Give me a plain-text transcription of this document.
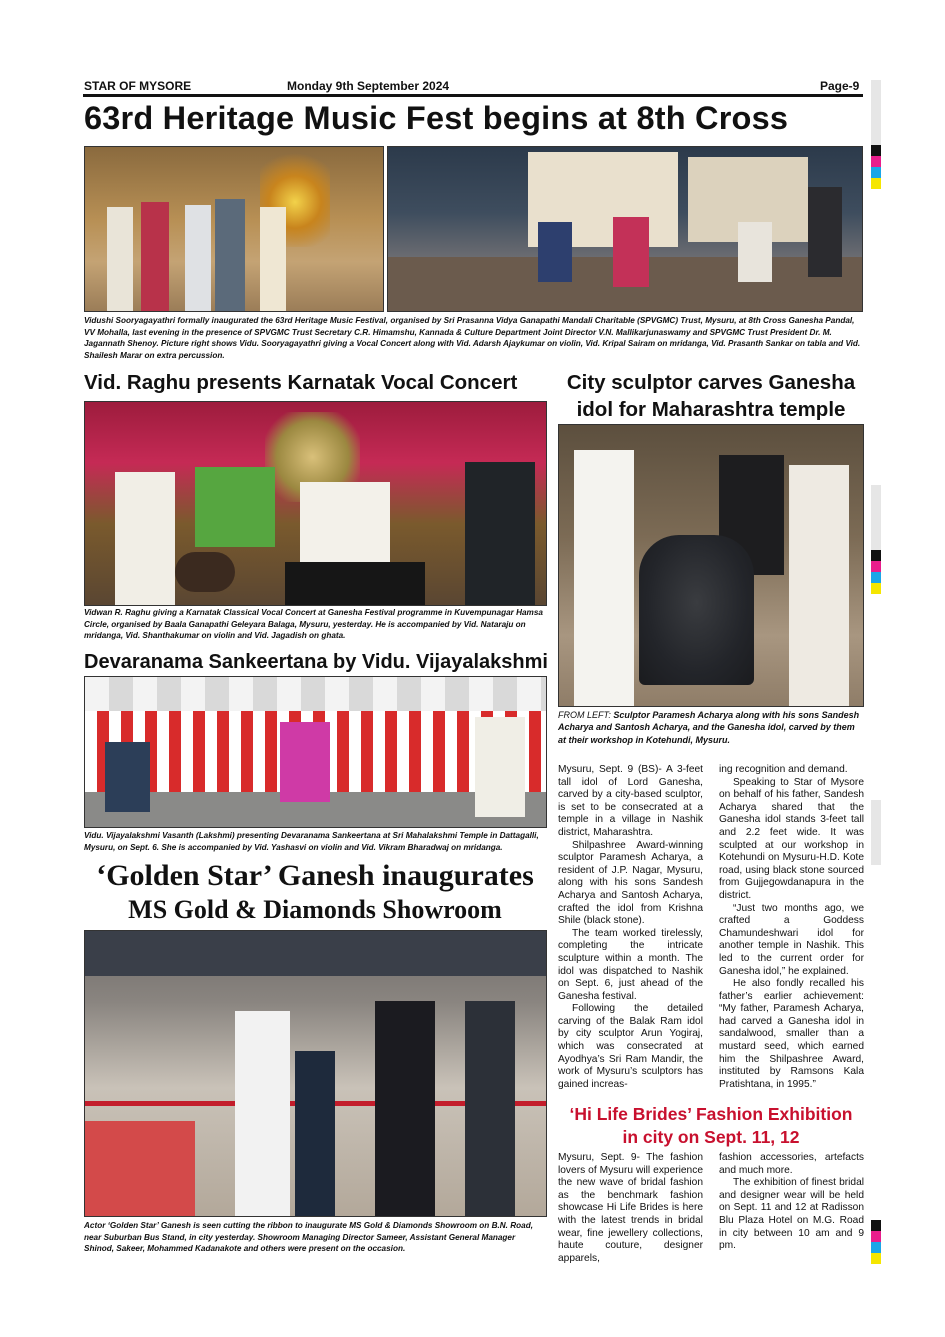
STAR OF MYSORE	Monday 9th September 2024	Page-9
63rd Heritage Music Fest begins at 8th Cross
Vidushi Sooryagayathri formally inaugurated the 63rd Heritage Music Festival, organised by Sri Prasanna Vidya Ganapathi Mandali Charitable (SPVGMC) Trust, Mysuru, at 8th Cross Ganesha Pandal, VV Mohalla, last evening in the presence of SPVGMC Trust Secretary C.R. Himamshu, Kannada & Culture Department Joint Director V.N. Mallikarjunaswamy and SPVGMC Trust President Dr. M. Jagannath Shenoy. Picture right shows Vidu. Sooryagayathri giving a Vocal Concert along with Vid. Adarsh Ajaykumar on violin, Vid. Kripal Sairam on mridanga, Vid. Prasanth Sankar on tabla and Vid. Shailesh Marar on extra percussion.
Vid. Raghu presents Karnatak Vocal Concert
Vidwan R. Raghu giving a Karnatak Classical Vocal Concert at Ganesha Festival programme in Kuvempunagar Hamsa Circle, organised by Baala Ganapathi Geleyara Balaga, Mysuru, yesterday. He is accompanied by Vid. Nataraju on mridanga, Vid. Shanthakumar on violin and Vid. Jagadish on ghata.
Devaranama Sankeertana by Vidu. Vijayalakshmi
Vidu. Vijayalakshmi Vasanth (Lakshmi) presenting Devaranama Sankeertana at Sri Mahalakshmi Temple in Dattagalli, Mysuru, on Sept. 6. She is accompanied by Vid. Yashasvi on violin and Vid. Vikram Bharadwaj on mridanga.
‘Golden Star’ Ganesh inaugurates
MS Gold & Diamonds Showroom
Actor ‘Golden Star’ Ganesh is seen cutting the ribbon to inaugurate MS Gold & Diamonds Showroom on B.N. Road, near Suburban Bus Stand, in city yesterday. Showroom Managing Director Sameer, Assistant General Manager Shinod, Sakeer, Mohammed Kadanakote and others were present on the occasion.
City sculptor carves Ganesha
idol for Maharashtra temple
FROM LEFT: Sculptor Paramesh Acharya along with his sons Sandesh Acharya and Santosh Acharya, and the Ganesha idol, carved by them at their workshop in Kotehundi, Mysuru.

Mysuru, Sept. 9 (BS)- A 3-feet tall idol of Lord Ganesha, carved by a city-based sculptor, is set to be consecrated at a temple in a village in Nashik district, Maharashtra.

Shilpashree Award-winning sculptor Paramesh Acharya, a resident of J.P. Nagar, Mysuru, along with his sons Sandesh Acharya and Santosh Acharya, crafted the idol from Krishna Shile (black stone).

The team worked tirelessly, completing the intricate sculpture within a month. The idol was dispatched to Nashik on Sept. 6, just ahead of the Ganesha festival.

Following the detailed carving of the Balak Ram idol by city sculptor Arun Yogiraj, which was consecrated at Ayodhya’s Sri Ram Mandir, the work of Mysuru’s sculptors has gained increas-

ing recognition and demand.

Speaking to Star of Mysore on behalf of his father, Sandesh Acharya shared that the Ganesha idol stands 3-feet tall and 2.2 feet wide. It was sculpted at our workshop in Kotehundi on Mysuru-H.D. Kote road, using black stone sourced from Gujjegowdanapura in the district.

“Just two months ago, we crafted a Goddess Chamundeshwari idol for another temple in Nashik. This led to the current order for Ganesha idol,” he explained.

He also fondly recalled his father’s earlier achievement: “My father, Paramesh Acharya, had carved a Ganesha idol in sandalwood, smaller than a mustard seed, which earned him the Shilpashree Award, instituted by Ramsons Kala Pratishtana, in 1995.”

‘Hi Life Brides’ Fashion Exhibition
in city on Sept. 11, 12

Mysuru, Sept. 9- The fashion lovers of Mysuru will experience the new wave of bridal fashion as the benchmark fashion showcase Hi Life Brides is here with the latest trends in bridal wear, fine jewellery collections, haute couture, designer apparels,

fashion accessories, artefacts and much more.

The exhibition of finest bridal and designer wear will be held on Sept. 11 and 12 at Radisson Blu Plaza Hotel on M.G. Road in city between 10 am and 9 pm.
